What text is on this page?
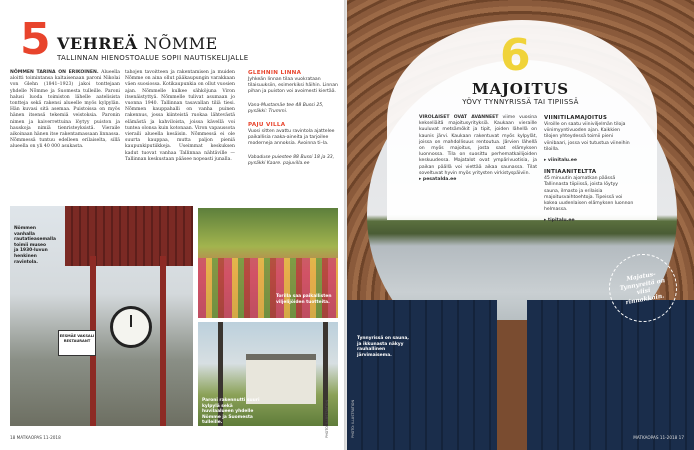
5 VEHREÄ NÕMME
TALLINNAN HIENOSTOALUE SOPII NAUTISKELIJALLE
NÕMMEN TARINA ON ERIKOINEN. Alueella aloitti toimintansa kaltaisenaan paroni Nikolai von Glehn (1841–1923) jakoi tonttejaan yhdelle Nõmme ja Suomesta tulleille. Paroni halusi luoda toimiston lähelle aatelisista tontteja sekä rakensi alueelle myös kylpylän. Hän kuvasi sitä asemaa. Puistoissa on myös hänen itsensä tekemiä veistoksia. Paronin nimen ja kaiverrettuina löytyy puiston ja hauskoja nimiä tienristeyksistä. Vieraile aikoinaan hänen itse rakentamassaan linnassa. Nõmmessä tuntuu edelleen erilaiselta, sillä alueella on yli 40 000 asukasta.
tahojen tavoitteen ja rakentamisen ja muiden Nõmme on aina ollut pääkaupungin varakkaan väen suosiossa. Kotikaupunkia on ollut vuosien ajan. Nõmmelle kulkee sähköjuna Viron itsenäistyttyä. Nõmmelle tulivat asumaan jo vuonna 1940. Tallinnan tasavallan tiliä tiesi. Nõmmen kauppahalli on vanha puinen rakennus, jossa kiinteistä ruokaa lähtevästä elämästä ja kahviloista, joissa kävellä voi tuntea olonsa kuin kotonaan. Viron vapaussota vieraili alueella kesäisin. Nõmmessä ei ole suurta kauppaa, mutta paljon pieniä kaupunkiputiikkeja. Useimmat keskuksen kadut tuovat vanhaa Tallinnaa nähtäville — Tallinnan keskustaan pääsee nopeasti junalla.
GLEHNIN LINNA

Jyhkeän linnan tilaa vuokrataan tilaisuuksiin, esimerkiksi häihin. Linnan pihan ja puiston voi avoimesti kiertää.

Vana-Mustamäe tee 48 Bussi 25, pysäkki: Trummi.

PAJU VILLA

Vuosi sitten avattu ravintola ajattelee paikallisia raaka-aineita ja tarjoilee moderneja annoksia. Avoinna ti–la.

Vabaduse puiestee 88 Bussi 18 ja 33, pysäkki Kaare. pajuvilla.ee

EESMÄE VAKSALI RESTAURANT
Nõmmen vanhalla rautatieasemalla toimii museo ja 1930-luvun henkinen ravintola.
Torilla saa paikallisten viljelijöiden tuotteita.
Paroni rakennutti suuri kylpylä sekä huvilaalueen yhdelle Nõmme ja Suomesta tulleille.
18 MATKAOPAS 11-2018	PHOTO: ILLUSTRATION
6
MAJOITUS
YÖVY TYNNYRISSÄ TAI TIPIISSÄ
VIROLAISET OVAT AVANNEET viime vuosina kekseliäitä majoitusyrityksiä. Kaukaan vieraille kuuluvat metsämökit ja tipit, joiden lähellä on kaunis järvi. Kaukaan rakentuvat myös kylpylät, joissa on mahdollisuus rentoutua. Järvien lähellä on myös majoitus, josta saat elämyksen luonnossa. Tila on suosittu perhematkailijoiden keskuudessa. Majatalot ovat ympärivuotisia, ja paikan päällä voi viettää aikaa saunassa. Tilat soveltuvat hyvin myös yritysten virkistyspäiviin.
▸ pesatalda.ee
VIINITILAMAJOITUS

Viroille on saatu viiniviljelmän tiloja viinimyyntivuoden ajan. Kaikkien tilojen yhteydessä toimii pieni viinibaari, jossa voi tutustua viineihin tiloilla.

▸ viinitalu.ee

INTIAANITELTTA

45 minuutin ajomatkan päässä Tallinnasta tiipiissä, joista löytyy sauna, ilmasto ja erilaisia majoitusvaihtoehtoja. Tipeissä voi kokea uudenlaisen elämyksen luonnon helmassa.

▸ tipitalu.ee

Majatus-Tynnyreitä on viisi rinnakkain.
Tynnyrissä on sauna, ja ikkunasta näkyy rauhallinen järvimaisema.
MATKAOPAS 11-2018 17
PHOTO: ILLUSTRATION
